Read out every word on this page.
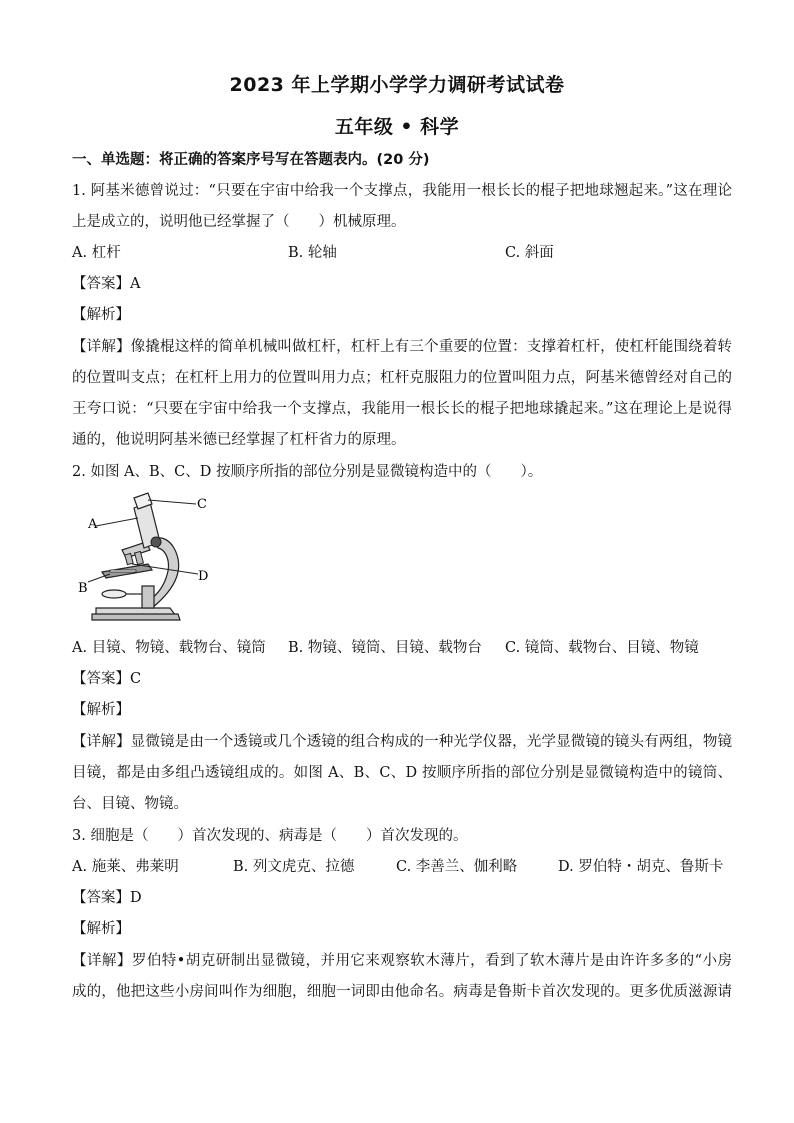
2023 年上学期小学学力调研考试试卷
五年级 • 科学
一、单选题：将正确的答案序号写在答题表内。(20 分)
1. 阿基米德曾说过：“只要在宇宙中给我一个支撑点，我能用一根长长的棍子把地球翘起来。”这在理论
上是成立的，说明他已经掌握了（　　）机械原理。
A. 杠杆	B. 轮轴	C. 斜面
【答案】A
【解析】
【详解】像撬棍这样的简单机械叫做杠杆，杠杆上有三个重要的位置：支撑着杠杆，使杠杆能围绕着转
的位置叫支点；在杠杆上用力的位置叫用力点；杠杆克服阻力的位置叫阻力点，阿基米德曾经对自己的
王夸口说：“只要在宇宙中给我一个支撑点，我能用一根长长的棍子把地球撬起来。”这在理论上是说得
通的，他说明阿基米德已经掌握了杠杆省力的原理。
2. 如图 A、B、C、D 按顺序所指的部位分别是显微镜构造中的（　　）。
A
B
C
D
A. 目镜、物镜、载物台、镜筒 B. 物镜、镜筒、目镜、载物台 C. 镜筒、载物台、目镜、物镜
【答案】C
【解析】
【详解】显微镜是由一个透镜或几个透镜的组合构成的一种光学仪器，光学显微镜的镜头有两组，物镜
目镜，都是由多组凸透镜组成的。如图 A、B、C、D 按顺序所指的部位分别是显微镜构造中的镜筒、
台、目镜、物镜。
3. 细胞是（　　）首次发现的、病毒是（　　）首次发现的。
A. 施莱、弗莱明	B. 列文虎克、拉德	C. 李善兰、伽利略	D. 罗伯特・胡克、鲁斯卡
【答案】D
【解析】
【详解】罗伯特•胡克研制出显微镜，并用它来观察软木薄片，看到了软木薄片是由许许多多的“小房
成的，他把这些小房间叫作为细胞，细胞一词即由他命名。病毒是鲁斯卡首次发现的。更多优质滋源请
